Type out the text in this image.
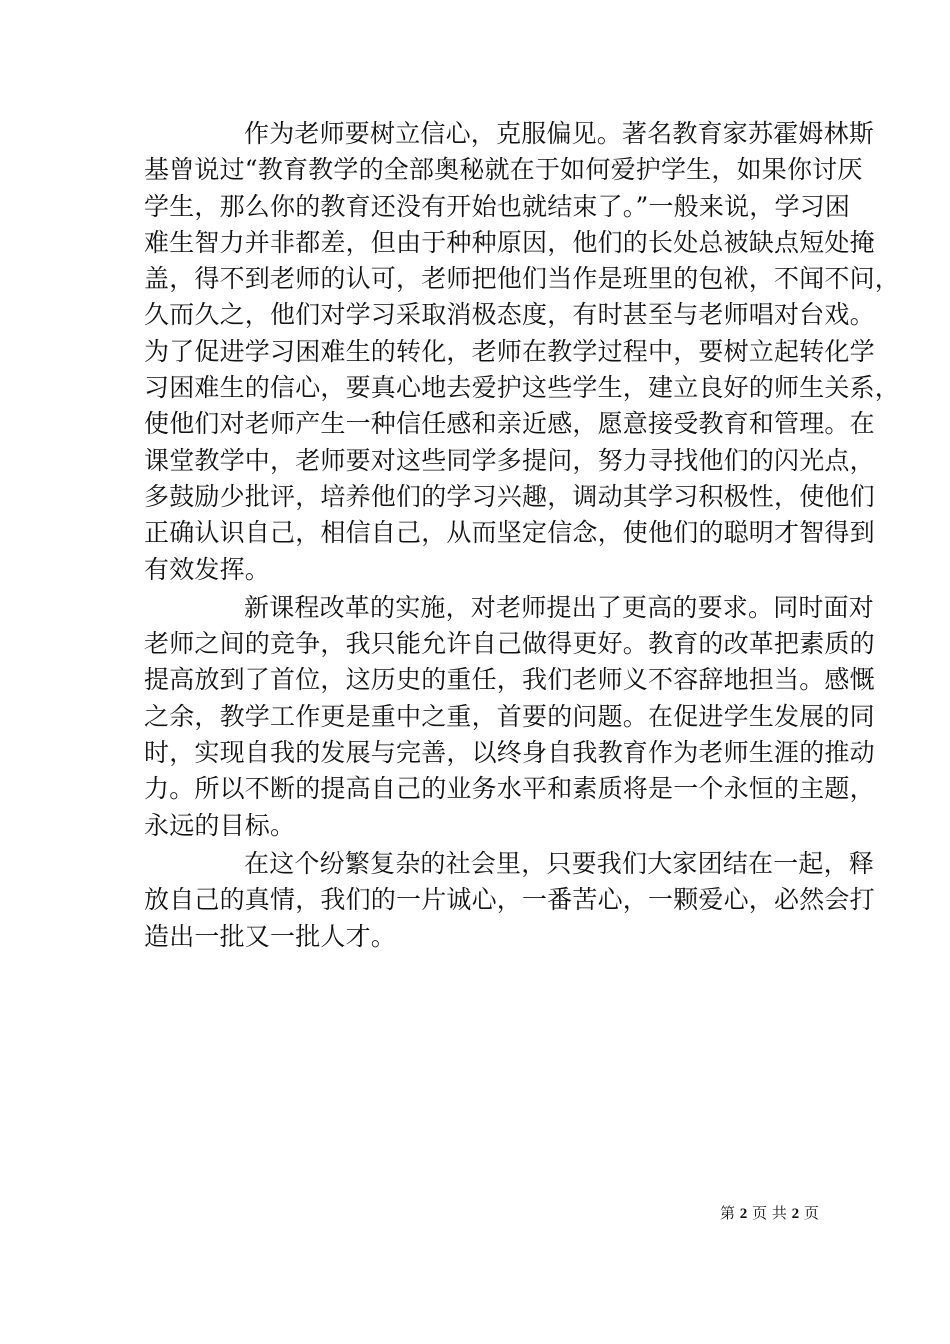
作为老师要树立信心，克服偏见。著名教育家苏霍姆林斯
基曾说过“教育教学的全部奥秘就在于如何爱护学生，如果你讨厌
学生，那么你的教育还没有开始也就结束了。”一般来说，学习困
难生智力并非都差，但由于种种原因，他们的长处总被缺点短处掩
盖，得不到老师的认可，老师把他们当作是班里的包袱，不闻不问，
久而久之，他们对学习采取消极态度，有时甚至与老师唱对台戏。
为了促进学习困难生的转化，老师在教学过程中，要树立起转化学
习困难生的信心，要真心地去爱护这些学生，建立良好的师生关系，
使他们对老师产生一种信任感和亲近感，愿意接受教育和管理。在
课堂教学中，老师要对这些同学多提问，努力寻找他们的闪光点，
多鼓励少批评，培养他们的学习兴趣，调动其学习积极性，使他们
正确认识自己，相信自己，从而坚定信念，使他们的聪明才智得到
有效发挥。
新课程改革的实施，对老师提出了更高的要求。同时面对
老师之间的竞争，我只能允许自己做得更好。教育的改革把素质的
提高放到了首位，这历史的重任，我们老师义不容辞地担当。感慨
之余，教学工作更是重中之重，首要的问题。在促进学生发展的同
时，实现自我的发展与完善，以终身自我教育作为老师生涯的推动
力。所以不断的提高自己的业务水平和素质将是一个永恒的主题，
永远的目标。
在这个纷繁复杂的社会里，只要我们大家团结在一起，释
放自己的真情，我们的一片诚心，一番苦心，一颗爱心，必然会打
造出一批又一批人才。
第 2 页 共 2 页
